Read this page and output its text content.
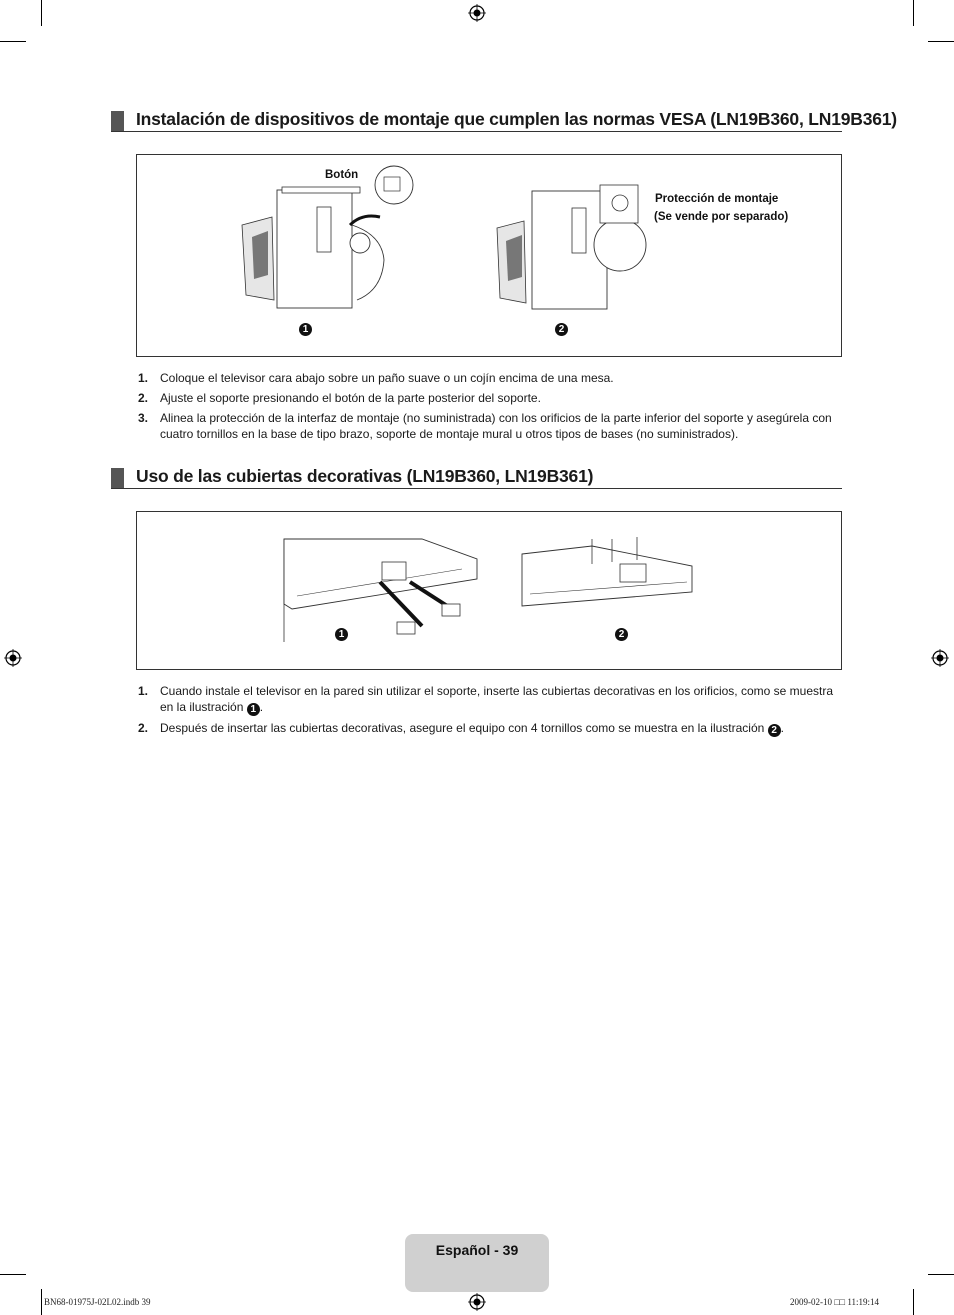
Instalación de dispositivos de montaje que cumplen las normas VESA (LN19B360, LN19B361)
Botón
1
Protección de montaje
(Se vende por separado)
2
1. Coloque el televisor cara abajo sobre un paño suave o un cojín encima de una mesa.
2. Ajuste el soporte presionando el botón de la parte posterior del soporte.
3. Alinea la protección de la interfaz de montaje (no suministrada) con los orificios de la parte inferior del soporte y asegúrela con cuatro tornillos en la base de tipo brazo, soporte de montaje mural u otros tipos de bases (no suministrados).
Uso de las cubiertas decorativas (LN19B360, LN19B361)
1	2
1. Cuando instale el televisor en la pared sin utilizar el soporte, inserte las cubiertas decorativas en los orificios, como se muestra en la ilustración 1 .
2. Después de insertar las cubiertas decorativas, asegure el equipo con 4 tornillos como se muestra en la ilustración 2 .
Español - 39
BN68-01975J-02L02.indb 39	2009-02-10 □□ 11:19:14
